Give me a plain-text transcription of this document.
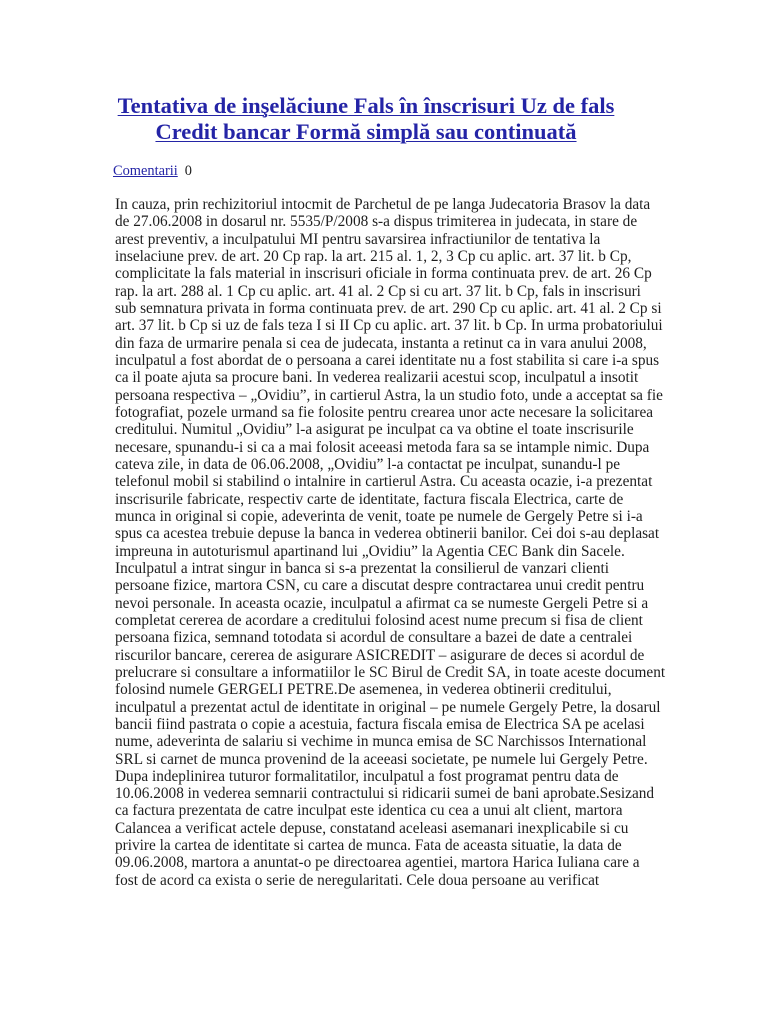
Tentativa de inşelăciune Fals în înscrisuri Uz de fals
Credit bancar Formă simplă sau continuată
Comentarii 0
In cauza, prin rechizitoriul intocmit de Parchetul de pe langa Judecatoria Brasov la data
de 27.06.2008 in dosarul nr. 5535/P/2008 s-a dispus trimiterea in judecata, in stare de
arest preventiv, a inculpatului MI pentru savarsirea infractiunilor de tentativa la
inselaciune prev. de art. 20 Cp rap. la art. 215 al. 1, 2, 3 Cp cu aplic. art. 37 lit. b Cp,
complicitate la fals material in inscrisuri oficiale in forma continuata prev. de art. 26 Cp
rap. la art. 288 al. 1 Cp cu aplic. art. 41 al. 2 Cp si cu art. 37 lit. b Cp, fals in inscrisuri
sub semnatura privata in forma continuata prev. de art. 290 Cp cu aplic. art. 41 al. 2 Cp si
art. 37 lit. b Cp si uz de fals teza I si II Cp cu aplic. art. 37 lit. b Cp. In urma probatoriului
din faza de urmarire penala si cea de judecata, instanta a retinut ca in vara anului 2008,
inculpatul a fost abordat de o persoana a carei identitate nu a fost stabilita si care i-a spus
ca il poate ajuta sa procure bani. In vederea realizarii acestui scop, inculpatul a insotit
persoana respectiva – „Ovidiu”, in cartierul Astra, la un studio foto, unde a acceptat sa fie
fotografiat, pozele urmand sa fie folosite pentru crearea unor acte necesare la solicitarea
creditului. Numitul „Ovidiu” l-a asigurat pe inculpat ca va obtine el toate inscrisurile
necesare, spunandu-i si ca a mai folosit aceeasi metoda fara sa se intample nimic. Dupa
cateva zile, in data de 06.06.2008, „Ovidiu” l-a contactat pe inculpat, sunandu-l pe
telefonul mobil si stabilind o intalnire in cartierul Astra. Cu aceasta ocazie, i-a prezentat
inscrisurile fabricate, respectiv carte de identitate, factura fiscala Electrica, carte de
munca in original si copie, adeverinta de venit, toate pe numele de Gergely Petre si i-a
spus ca acestea trebuie depuse la banca in vederea obtinerii banilor. Cei doi s-au deplasat
impreuna in autoturismul apartinand lui „Ovidiu” la Agentia CEC Bank din Sacele.
Inculpatul a intrat singur in banca si s-a prezentat la consilierul de vanzari clienti
persoane fizice, martora CSN, cu care a discutat despre contractarea unui credit pentru
nevoi personale. In aceasta ocazie, inculpatul a afirmat ca se numeste Gergeli Petre si a
completat cererea de acordare a creditului folosind acest nume precum si fisa de client
persoana fizica, semnand totodata si acordul de consultare a bazei de date a centralei
riscurilor bancare, cererea de asigurare ASICREDIT – asigurare de deces si acordul de
prelucrare si consultare a informatiilor le SC Birul de Credit SA, in toate aceste document
folosind numele GERGELI PETRE.De asemenea, in vederea obtinerii creditului,
inculpatul a prezentat actul de identitate in original – pe numele Gergely Petre, la dosarul
bancii fiind pastrata o copie a acestuia, factura fiscala emisa de Electrica SA pe acelasi
nume, adeverinta de salariu si vechime in munca emisa de SC Narchissos International
SRL si carnet de munca provenind de la aceeasi societate, pe numele lui Gergely Petre.
Dupa indeplinirea tuturor formalitatilor, inculpatul a fost programat pentru data de
10.06.2008 in vederea semnarii contractului si ridicarii sumei de bani aprobate.Sesizand
ca factura prezentata de catre inculpat este identica cu cea a unui alt client, martora
Calancea a verificat actele depuse, constatand aceleasi asemanari inexplicabile si cu
privire la cartea de identitate si cartea de munca. Fata de aceasta situatie, la data de
09.06.2008, martora a anuntat-o pe directoarea agentiei, martora Harica Iuliana care a
fost de acord ca exista o serie de neregularitati. Cele doua persoane au verificat
